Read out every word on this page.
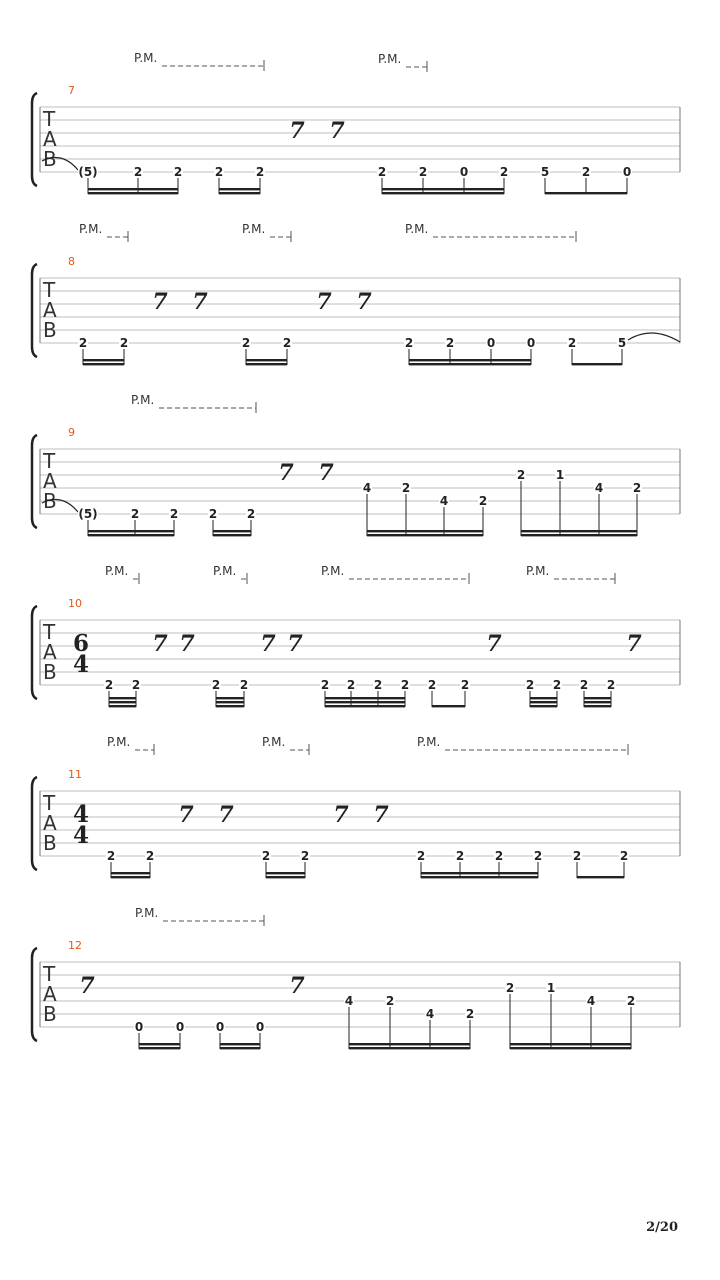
7
T
A
B
P.M.	P.M.
7 7
(5)	2	2	2	2	2	2	0	2	5	2	0
8
T
A
B
P.M.	P.M.	P.M.
7 7	7 7
2	2	2	2	2	2	0	0	2	5
9
T
A
B
P.M.
7 7
(5)	2	2	2 2
4	2
4	2
2	1
4 2
10
T
A
B
6
4
P.M.	P.M.	P.M.	P.M.
7 7	7 7	7	7
2 2	2 2	2 2 2 2 2 2	2 2 2 2
11
T
A
B
4
4
P.M.	P.M.	P.M.
7 7	7 7
2	2	2	2	2	2	2	2	2	2
12
T
A
B
P.M.
7	7
0	0	0	0
4	2
4	2
2	1
4	2
2/20
